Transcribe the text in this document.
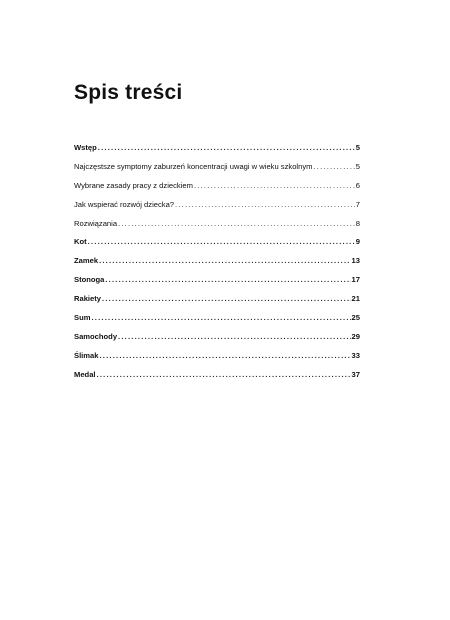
Spis treści
Wstęp .....	5
Najczęstsze symptomy zaburzeń koncentracji uwagi w wieku szkolnym .....	5
Wybrane zasady pracy z dzieckiem .....	6
Jak wspierać rozwój dziecka? .....	7
Rozwiązania .....	8
Kot .....	9
Zamek .....	13
Stonoga .....	17
Rakiety .....	21
Sum .....	25
Samochody .....	29
Ślimak .....	33
Medal .....	37
